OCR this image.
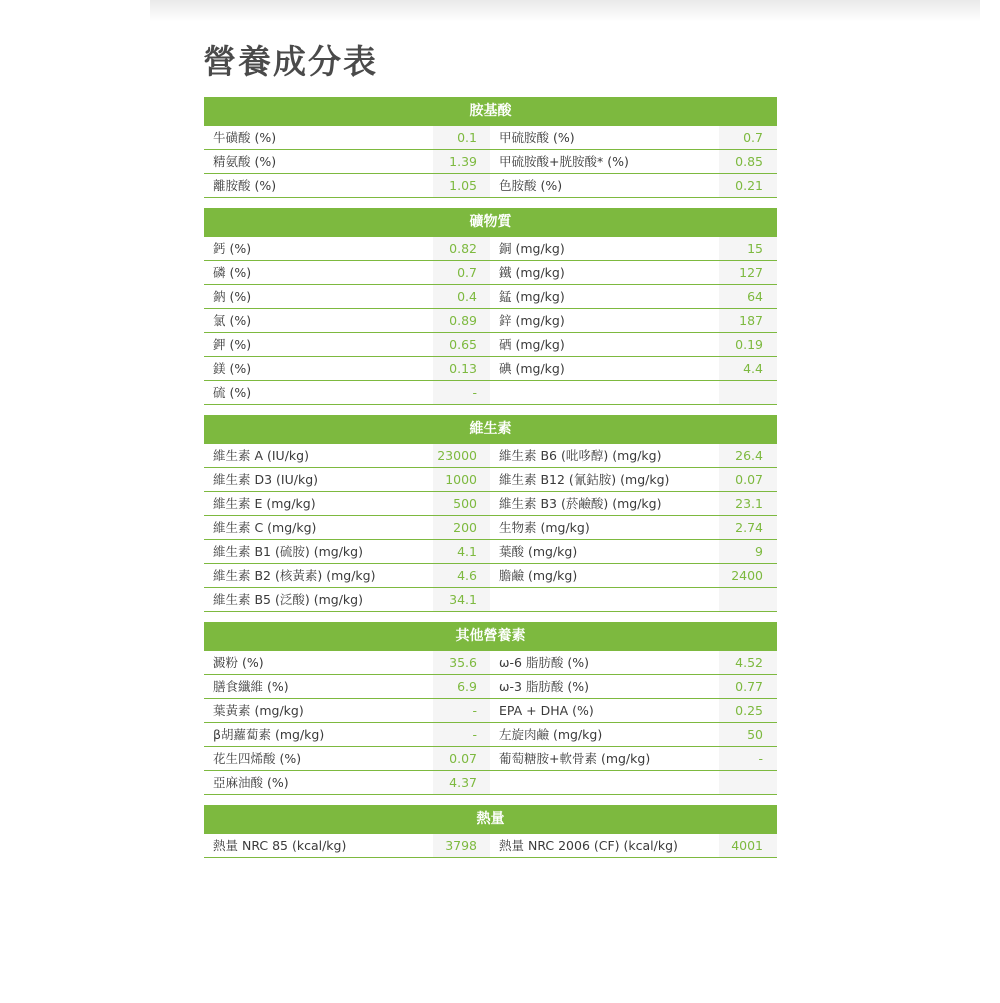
營養成分表
胺基酸
牛磺酸 (%)	0.1	甲硫胺酸 (%)	0.7
精氨酸 (%)	1.39	甲硫胺酸+胱胺酸* (%)	0.85
離胺酸 (%)	1.05	色胺酸 (%)	0.21
礦物質
鈣 (%)	0.82	銅 (mg/kg)	15
磷 (%)	0.7	鐵 (mg/kg)	127
鈉 (%)	0.4	錳 (mg/kg)	64
氯 (%)	0.89	鋅 (mg/kg)	187
鉀 (%)	0.65	硒 (mg/kg)	0.19
鎂 (%)	0.13	碘 (mg/kg)	4.4
硫 (%)	-
維生素
維生素 A (IU/kg)	23000	維生素 B6 (吡哆醇) (mg/kg)	26.4
維生素 D3 (IU/kg)	1000	維生素 B12 (氰鈷胺) (mg/kg)	0.07
維生素 E (mg/kg)	500	維生素 B3 (菸鹼酸) (mg/kg)	23.1
維生素 C (mg/kg)	200	生物素 (mg/kg)	2.74
維生素 B1 (硫胺) (mg/kg)	4.1	葉酸 (mg/kg)	9
維生素 B2 (核黃素) (mg/kg)	4.6	膽鹼 (mg/kg)	2400
維生素 B5 (泛酸) (mg/kg)	34.1
其他營養素
澱粉 (%)	35.6	ω-6 脂肪酸 (%)	4.52
膳食纖維 (%)	6.9	ω-3 脂肪酸 (%)	0.77
葉黃素 (mg/kg)	-	EPA + DHA (%)	0.25
β胡蘿蔔素 (mg/kg)	-	左旋肉鹼 (mg/kg)	50
花生四烯酸 (%)	0.07	葡萄糖胺+軟骨素 (mg/kg)	-
亞麻油酸 (%)	4.37
熱量
熱量 NRC 85 (kcal/kg)	3798	熱量 NRC 2006 (CF) (kcal/kg)	4001
